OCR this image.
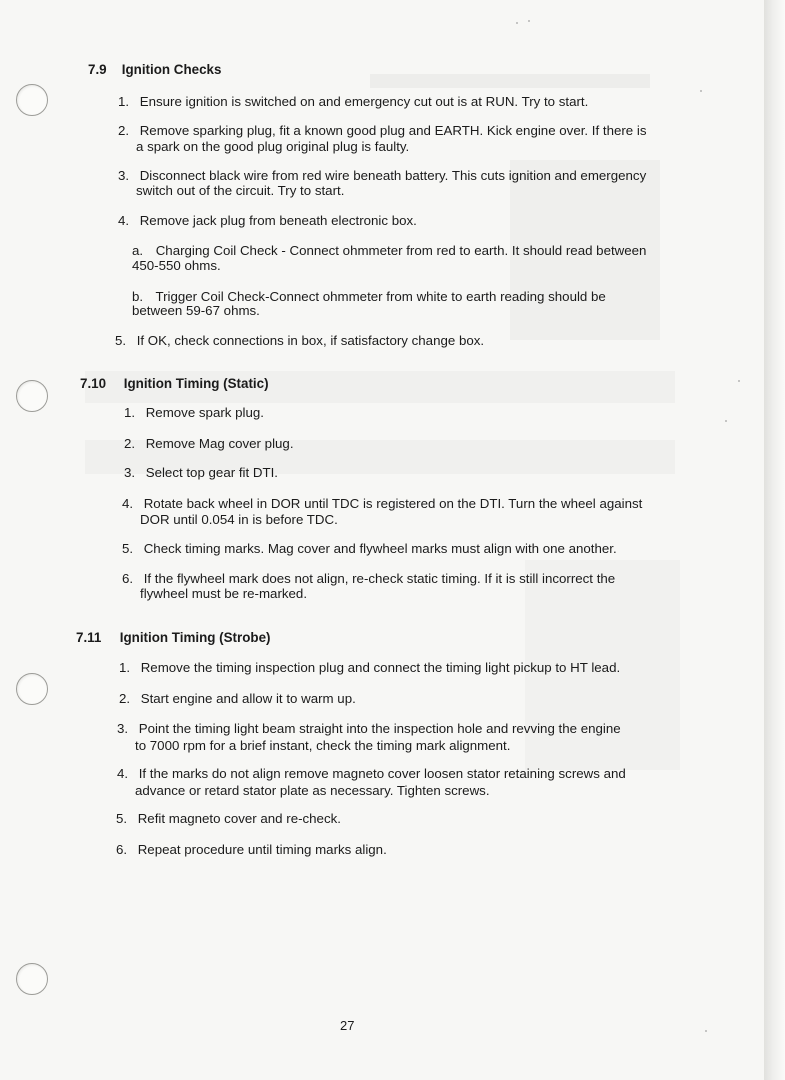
7.9 Ignition Checks
1. Ensure ignition is switched on and emergency cut out is at RUN. Try to start.
2. Remove sparking plug, fit a known good plug and EARTH. Kick engine over. If there is
a spark on the good plug original plug is faulty.
3. Disconnect black wire from red wire beneath battery. This cuts ignition and emergency
switch out of the circuit. Try to start.
4. Remove jack plug from beneath electronic box.
a. Charging Coil Check - Connect ohmmeter from red to earth. It should read between
450-550 ohms.
b. Trigger Coil Check-Connect ohmmeter from white to earth reading should be
between 59-67 ohms.
5. If OK, check connections in box, if satisfactory change box.
7.10 Ignition Timing (Static)
1. Remove spark plug.
2. Remove Mag cover plug.
3. Select top gear fit DTI.
4. Rotate back wheel in DOR until TDC is registered on the DTI. Turn the wheel against
DOR until 0.054 in is before TDC.
5. Check timing marks. Mag cover and flywheel marks must align with one another.
6. If the flywheel mark does not align, re-check static timing. If it is still incorrect the
flywheel must be re-marked.
7.11 Ignition Timing (Strobe)
1. Remove the timing inspection plug and connect the timing light pickup to HT lead.
2. Start engine and allow it to warm up.
3. Point the timing light beam straight into the inspection hole and revving the engine
to 7000 rpm for a brief instant, check the timing mark alignment.
4. If the marks do not align remove magneto cover loosen stator retaining screws and
advance or retard stator plate as necessary. Tighten screws.
5. Refit magneto cover and re-check.
6. Repeat procedure until timing marks align.
27
